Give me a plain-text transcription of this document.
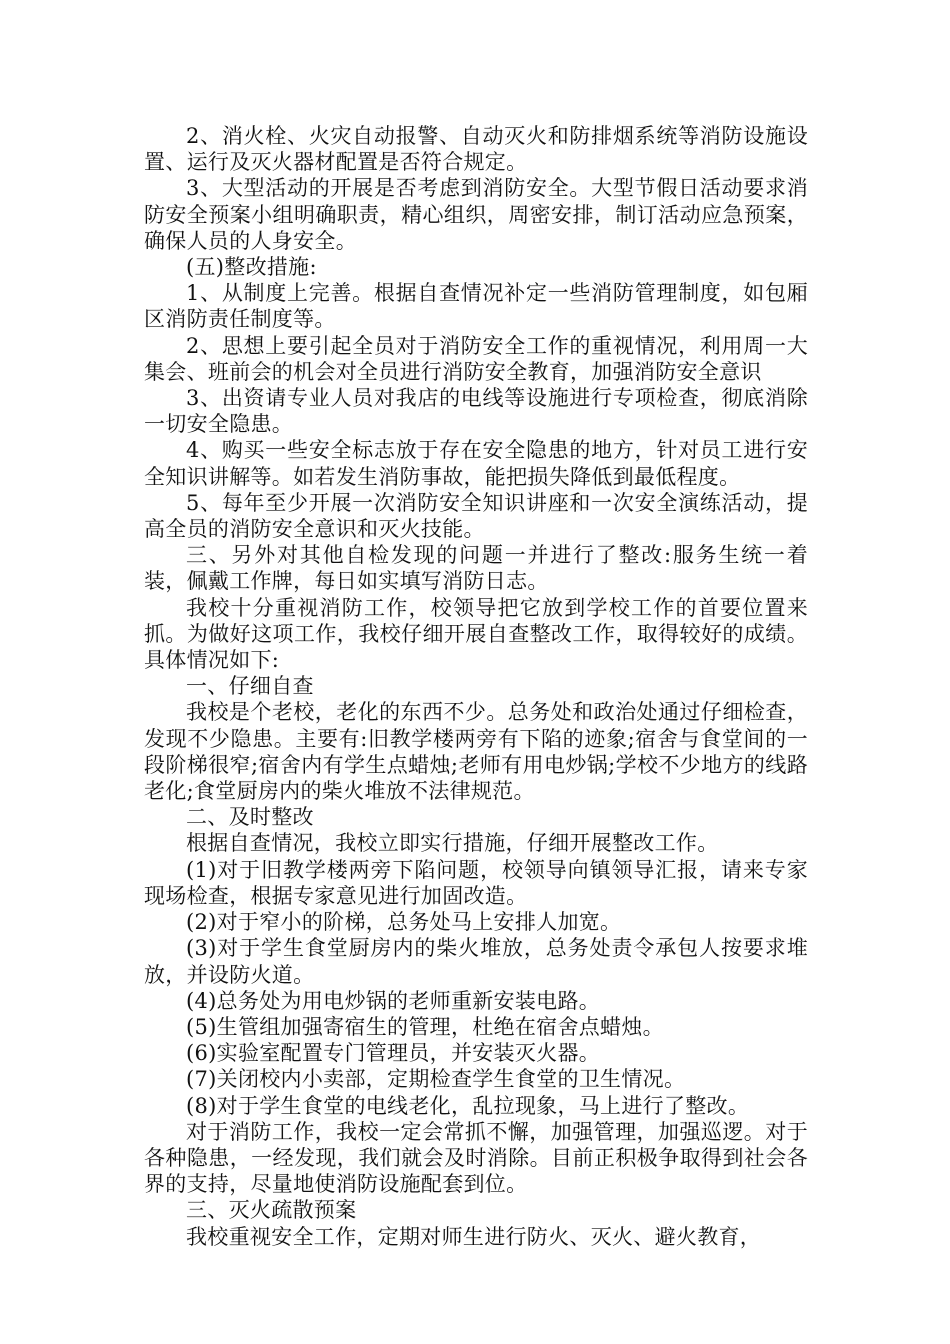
2、消火栓、火灾自动报警、自动灭火和防排烟系统等消防设施设置、运行及灭火器材配置是否符合规定。

3、大型活动的开展是否考虑到消防安全。大型节假日活动要求消防安全预案小组明确职责，精心组织，周密安排，制订活动应急预案，确保人员的人身安全。

(五)整改措施:

1、从制度上完善。根据自查情况补定一些消防管理制度，如包厢区消防责任制度等。

2、思想上要引起全员对于消防安全工作的重视情况，利用周一大集会、班前会的机会对全员进行消防安全教育，加强消防安全意识

3、出资请专业人员对我店的电线等设施进行专项检查，彻底消除一切安全隐患。

4、购买一些安全标志放于存在安全隐患的地方，针对员工进行安全知识讲解等。如若发生消防事故，能把损失降低到最低程度。

5、每年至少开展一次消防安全知识讲座和一次安全演练活动，提高全员的消防安全意识和灭火技能。

三、另外对其他自检发现的问题一并进行了整改:服务生统一着装，佩戴工作牌，每日如实填写消防日志。

我校十分重视消防工作，校领导把它放到学校工作的首要位置来抓。为做好这项工作，我校仔细开展自查整改工作，取得较好的成绩。具体情况如下:

一、仔细自查

我校是个老校，老化的东西不少。总务处和政治处通过仔细检查，发现不少隐患。主要有:旧教学楼两旁有下陷的迹象;宿舍与食堂间的一段阶梯很窄;宿舍内有学生点蜡烛;老师有用电炒锅;学校不少地方的线路老化;食堂厨房内的柴火堆放不法律规范。

二、及时整改

根据自查情况，我校立即实行措施，仔细开展整改工作。

(1)对于旧教学楼两旁下陷问题，校领导向镇领导汇报，请来专家现场检查，根据专家意见进行加固改造。

(2)对于窄小的阶梯，总务处马上安排人加宽。

(3)对于学生食堂厨房内的柴火堆放，总务处责令承包人按要求堆放，并设防火道。

(4)总务处为用电炒锅的老师重新安装电路。

(5)生管组加强寄宿生的管理，杜绝在宿舍点蜡烛。

(6)实验室配置专门管理员，并安装灭火器。

(7)关闭校内小卖部，定期检查学生食堂的卫生情况。

(8)对于学生食堂的电线老化，乱拉现象，马上进行了整改。

对于消防工作，我校一定会常抓不懈，加强管理，加强巡逻。对于各种隐患，一经发现，我们就会及时消除。目前正积极争取得到社会各界的支持，尽量地使消防设施配套到位。

三、灭火疏散预案

我校重视安全工作，定期对师生进行防火、灭火、避火教育，
